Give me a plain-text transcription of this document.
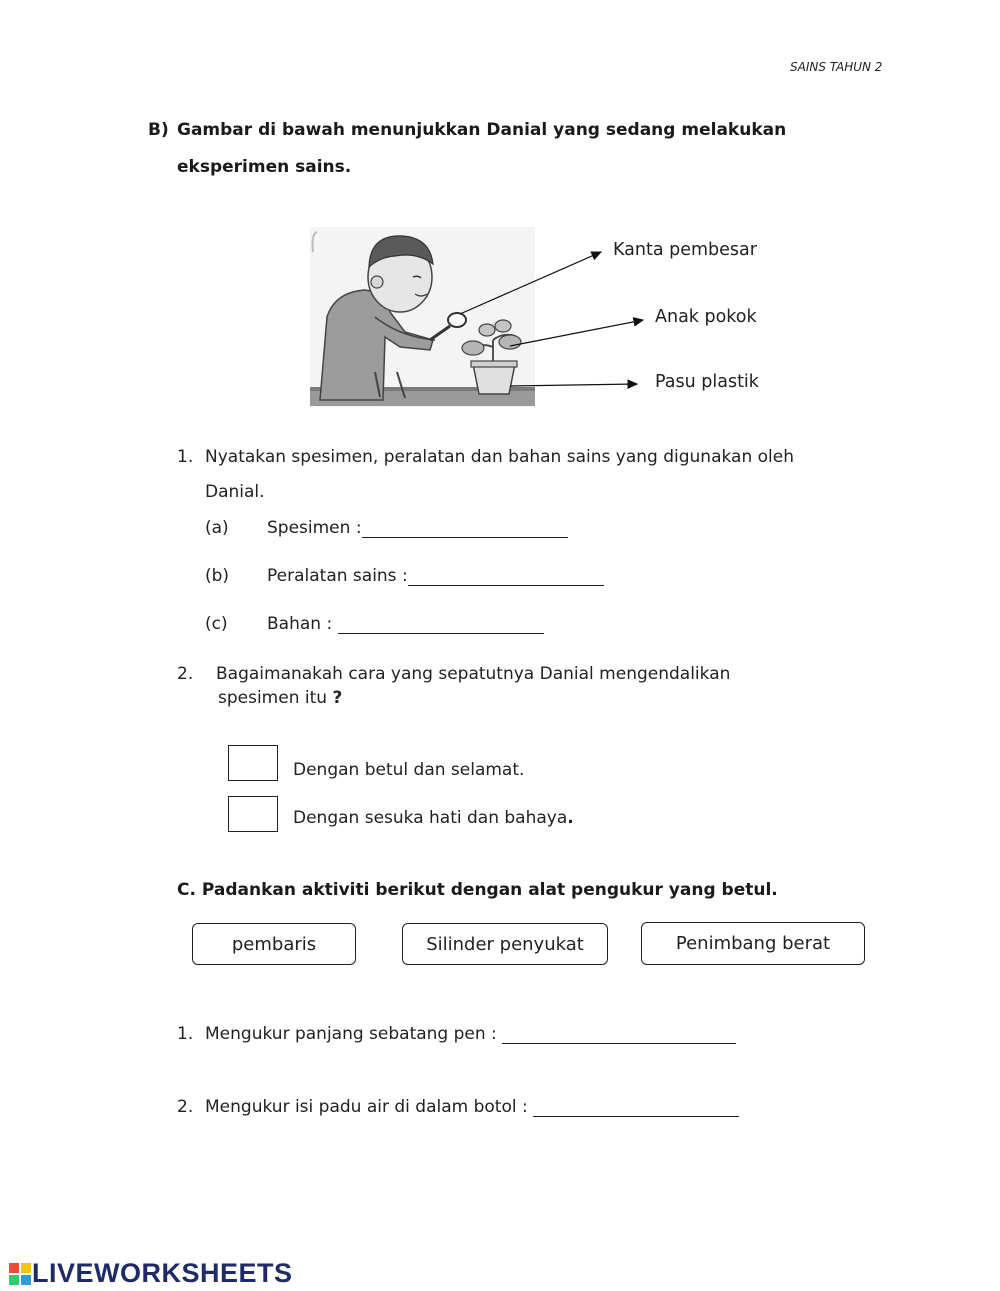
SAINS TAHUN 2
B) Gambar di bawah menunjukkan Danial yang sedang melakukan
eksperimen sains.
Kanta pembesar
Anak pokok
Pasu plastik
1. Nyatakan spesimen, peralatan dan bahan sains yang digunakan oleh
Danial.
(a) Spesimen :
(b) Peralatan sains :
(c) Bahan :
2. Bagaimanakah cara yang sepatutnya Danial mengendalikan
spesimen itu ?
Dengan betul dan selamat.
Dengan sesuka hati dan bahaya.
C. Padankan aktiviti berikut dengan alat pengukur yang betul.
pembaris	Silinder penyukat	Penimbang berat
1. Mengukur panjang sebatang pen :
2. Mengukur isi padu air di dalam botol :
LIVEWORKSHEETS
